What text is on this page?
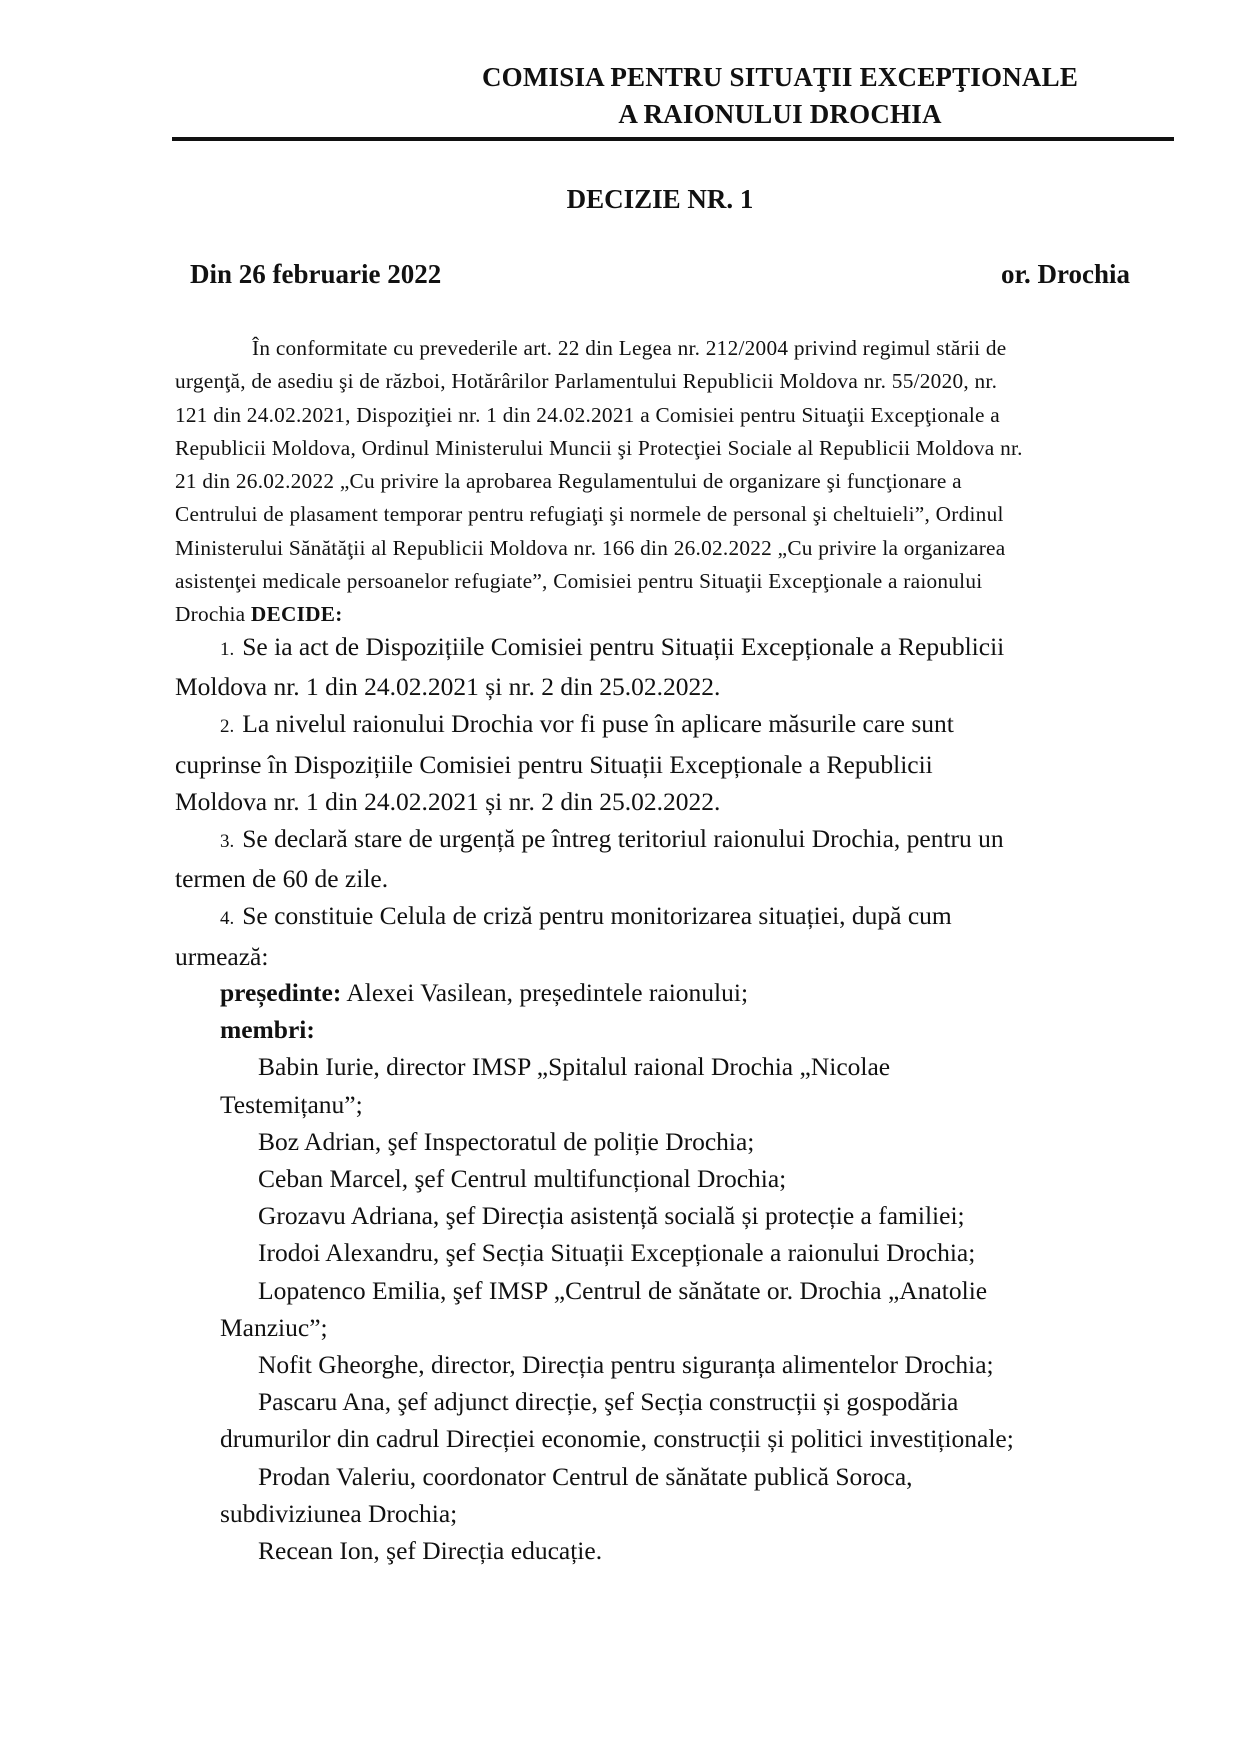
COMISIA PENTRU SITUAŢII EXCEPŢIONALE
A RAIONULUI DROCHIA
DECIZIE NR. 1
Din 26 februarie 2022	or. Drochia
În conformitate cu prevederile art. 22 din Legea nr. 212/2004 privind regimul stării de
urgenţă, de asediu şi de război, Hotărârilor Parlamentului Republicii Moldova nr. 55/2020, nr.
121 din 24.02.2021, Dispoziţiei nr. 1 din 24.02.2021 a Comisiei pentru Situaţii Excepţionale a
Republicii Moldova, Ordinul Ministerului Muncii şi Protecţiei Sociale al Republicii Moldova nr.
21 din 26.02.2022 „Cu privire la aprobarea Regulamentului de organizare şi funcţionare a
Centrului de plasament temporar pentru refugiaţi şi normele de personal şi cheltuieli”, Ordinul
Ministerului Sănătăţii al Republicii Moldova nr. 166 din 26.02.2022 „Cu privire la organizarea
asistenţei medicale persoanelor refugiate”, Comisiei pentru Situaţii Excepţionale a raionului
Drochia DECIDE:
1. Se ia act de Dispozițiile Comisiei pentru Situații Excepționale a Republicii
Moldova nr. 1 din 24.02.2021 și nr. 2 din 25.02.2022.
2. La nivelul raionului Drochia vor fi puse în aplicare măsurile care sunt
cuprinse în Dispozițiile Comisiei pentru Situații Excepționale a Republicii
Moldova nr. 1 din 24.02.2021 și nr. 2 din 25.02.2022.
3. Se declară stare de urgență pe întreg teritoriul raionului Drochia, pentru un
termen de 60 de zile.
4. Se constituie Celula de criză pentru monitorizarea situației, după cum
urmează:
președinte: Alexei Vasilean, președintele raionului;
membri:
Babin Iurie, director IMSP „Spitalul raional Drochia „Nicolae
Testemițanu”;
Boz Adrian, şef Inspectoratul de poliție Drochia;
Ceban Marcel, şef Centrul multifuncțional Drochia;
Grozavu Adriana, şef Direcția asistență socială și protecție a familiei;
Irodoi Alexandru, şef Secția Situații Excepționale a raionului Drochia;
Lopatenco Emilia, şef IMSP „Centrul de sănătate or. Drochia „Anatolie
Manziuc”;
Nofit Gheorghe, director, Direcția pentru siguranța alimentelor Drochia;
Pascaru Ana, şef adjunct direcție, şef Secția construcții și gospodăria
drumurilor din cadrul Direcției economie, construcții și politici investiționale;
Prodan Valeriu, coordonator Centrul de sănătate publică Soroca,
subdiviziunea Drochia;
Recean Ion, şef Direcția educație.
